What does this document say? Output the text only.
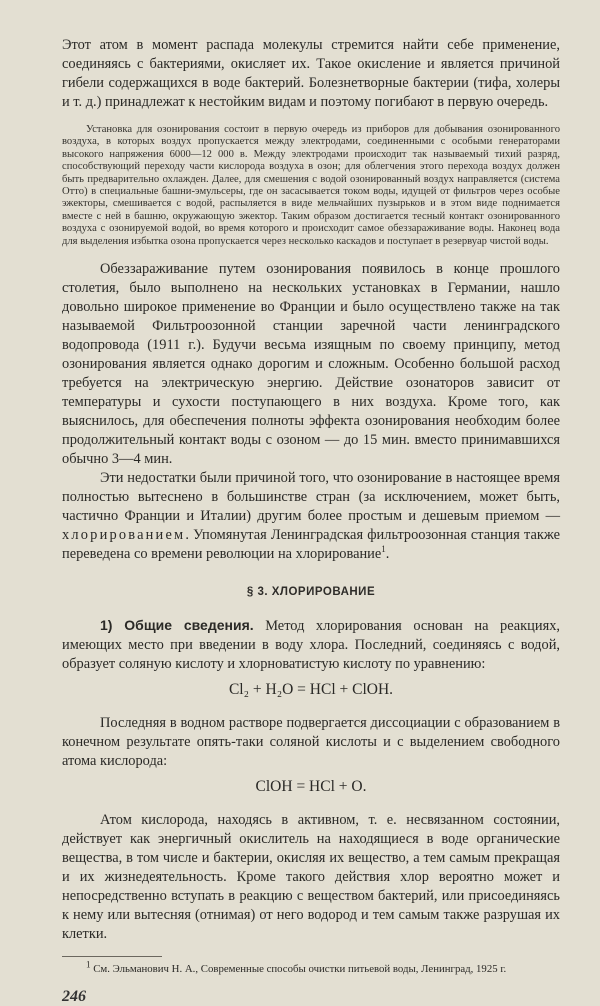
Этот атом в момент распада молекулы стремится найти себе применение, соединяясь с бактериями, окисляет их. Такое окисление и является причиной гибели содержащихся в воде бактерий. Болезнетворные бактерии (тифа, холеры и т. д.) принадлежат к нестойким видам и поэтому погибают в первую очередь.

Установка для озонирования состоит в первую очередь из приборов для добывания озонированного воздуха, в которых воздух пропускается между электродами, соединенными с особыми генераторами высокого напряжения 6000—12 000 в. Между электродами происходит так называемый тихий разряд, способствующий переходу части кислорода воздуха в озон; для облегчения этого перехода воздух должен быть предварительно охлажден. Далее, для смешения с водой озонированный воздух направляется (система Отто) в специальные башни-эмульсеры, где он засасывается током воды, идущей от фильтров через особые эжекторы, смешивается с водой, распыляется в виде мельчайших пузырьков и в этом виде поднимается вместе с ней в башню, окружающую эжектор. Таким образом достигается тесный контакт озонированного воздуха с озонируемой водой, во время которого и происходит самое обеззараживание воды. Наконец вода для выделения избытка озона пропускается через несколько каскадов и поступает в резервуар чистой воды.

Обеззараживание путем озонирования появилось в конце прошлого столетия, было выполнено на нескольких установках в Германии, нашло довольно широкое применение во Франции и было осуществлено также на так называемой Фильтроозонной станции заречной части ленинградского водопровода (1911 г.). Будучи весьма изящным по своему принципу, метод озонирования является однако дорогим и сложным. Особенно большой расход требуется на электрическую энергию. Действие озонаторов зависит от температуры и сухости поступающего в них воздуха. Кроме того, как выяснилось, для обеспечения полноты эффекта озонирования необходим более продолжительный контакт воды с озоном — до 15 мин. вместо принимавшихся обычно 3—4 мин.

Эти недостатки были причиной того, что озонирование в настоящее время полностью вытеснено в большинстве стран (за исключением, может быть, частично Франции и Италии) другим более простым и дешевым приемом — хлорированием. Упомянутая Ленинградская фильтроозонная станция также переведена со времени революции на хлорирование$^1$.

§ 3. ХЛОРИРОВАНИЕ

1) Общие сведения. Метод хлорирования основан на реакциях, имеющих место при введении в воду хлора. Последний, соединяясь с водой, образует соляную кислоту и хлорноватистую кислоту по уравнению:

Cl₂ + H₂O = HCl + ClOH.

Последняя в водном растворе подвергается диссоциации с образованием в конечном результате опять-таки соляной кислоты и с выделением свободного атома кислорода:

ClOH = HCl + O.

Атом кислорода, находясь в активном, т. е. несвязанном состоянии, действует как энергичный окислитель на находящиеся в воде органические вещества, в том числе и бактерии, окисляя их вещество, а тем самым прекращая и их жизнедеятельность. Кроме такого действия хлор вероятно может и непосредственно вступать в реакцию с веществом бактерий, или присоединяясь к нему или вытесняя (отнимая) от него водород и тем самым также разрушая их клетки.

$^1$ См. Эльманович Н. А., Современные способы очистки питьевой воды, Ленинград, 1925 г.

246
